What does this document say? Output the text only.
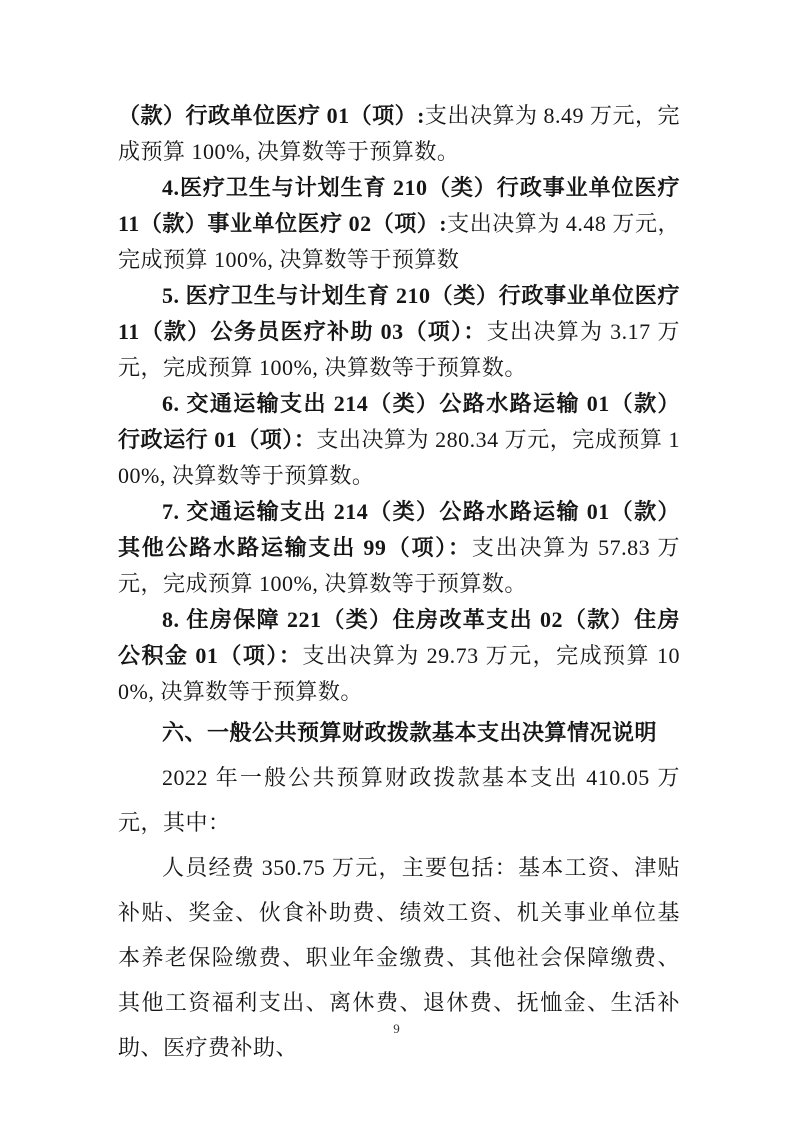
（款）行政单位医疗 01（项）:支出决算为 8.49 万元，完成预算 100%, 决算数等于预算数。

4.医疗卫生与计划生育 210（类）行政事业单位医疗 11（款）事业单位医疗 02（项）:支出决算为 4.48 万元，完成预算 100%, 决算数等于预算数

5. 医疗卫生与计划生育 210（类）行政事业单位医疗 11（款）公务员医疗补助 03（项）：支出决算为 3.17 万元，完成预算 100%, 决算数等于预算数。

6. 交通运输支出 214（类）公路水路运输 01（款）行政运行 01（项）：支出决算为 280.34 万元，完成预算 100%, 决算数等于预算数。

7. 交通运输支出 214（类）公路水路运输 01（款）其他公路水路运输支出 99（项）：支出决算为 57.83 万元，完成预算 100%, 决算数等于预算数。

8. 住房保障 221（类）住房改革支出 02（款）住房公积金 01（项）：支出决算为 29.73 万元，完成预算 100%, 决算数等于预算数。

六、一般公共预算财政拨款基本支出决算情况说明

2022 年一般公共预算财政拨款基本支出 410.05 万元，其中：

人员经费 350.75 万元，主要包括：基本工资、津贴补贴、奖金、伙食补助费、绩效工资、机关事业单位基本养老保险缴费、职业年金缴费、其他社会保障缴费、其他工资福利支出、离休费、退休费、抚恤金、生活补助、医疗费补助、

9
